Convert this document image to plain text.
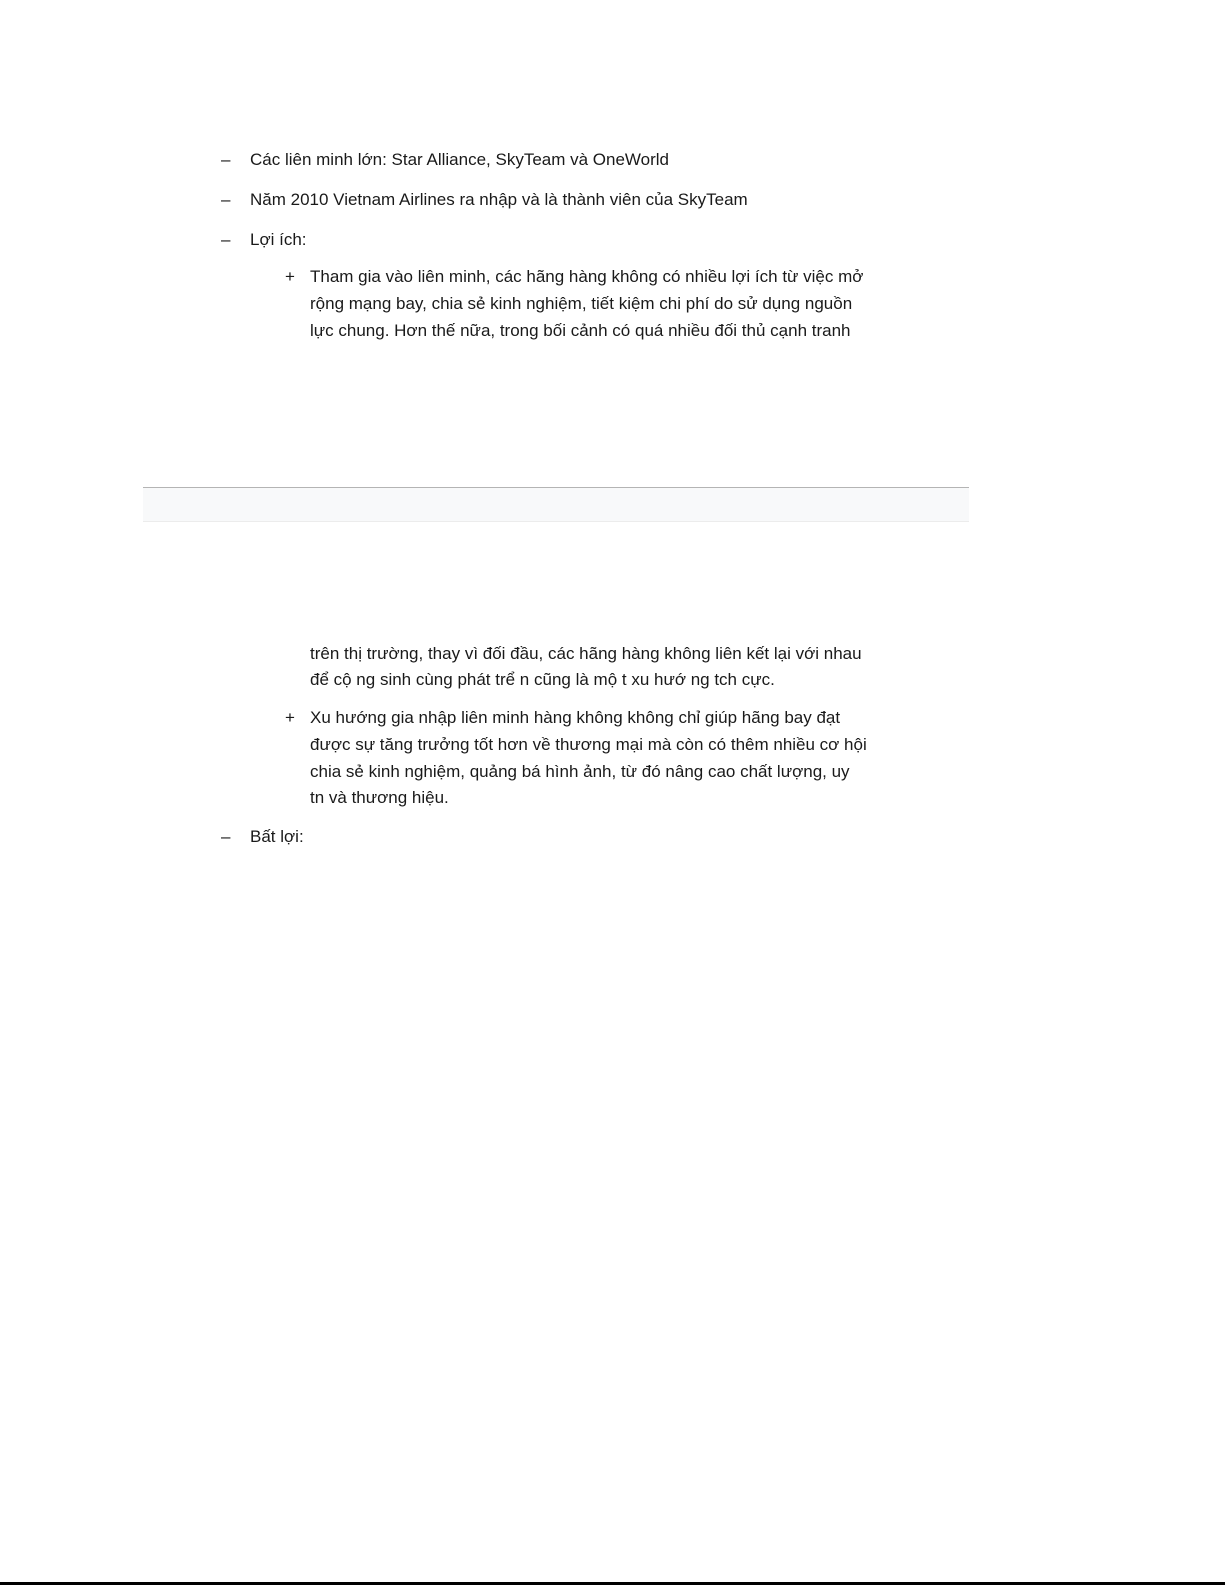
– Các liên minh lớn: Star Alliance, SkyTeam và OneWorld
– Năm 2010 Vietnam Airlines ra nhập và là thành viên của SkyTeam
– Lợi ích:
+ Tham gia vào liên minh, các hãng hàng không có nhiều lợi ích từ việc mở
rộng mạng bay, chia sẻ kinh nghiệm, tiết kiệm chi phí do sử dụng nguồn
lực chung. Hơn thế nữa, trong bối cảnh có quá nhiều đối thủ cạnh tranh
trên thị trường, thay vì đối đầu, các hãng hàng không liên kết lại với nhau
để cộ ng sinh cùng phát trể n cũng là mộ t xu hướ ng tch cực.
+ Xu hướng gia nhập liên minh hàng không không chỉ giúp hãng bay đạt
được sự tăng trưởng tốt hơn về thương mại mà còn có thêm nhiều cơ hội
chia sẻ kinh nghiệm, quảng bá hình ảnh, từ đó nâng cao chất lượng, uy
tn và thương hiệu.
– Bất lợi:
